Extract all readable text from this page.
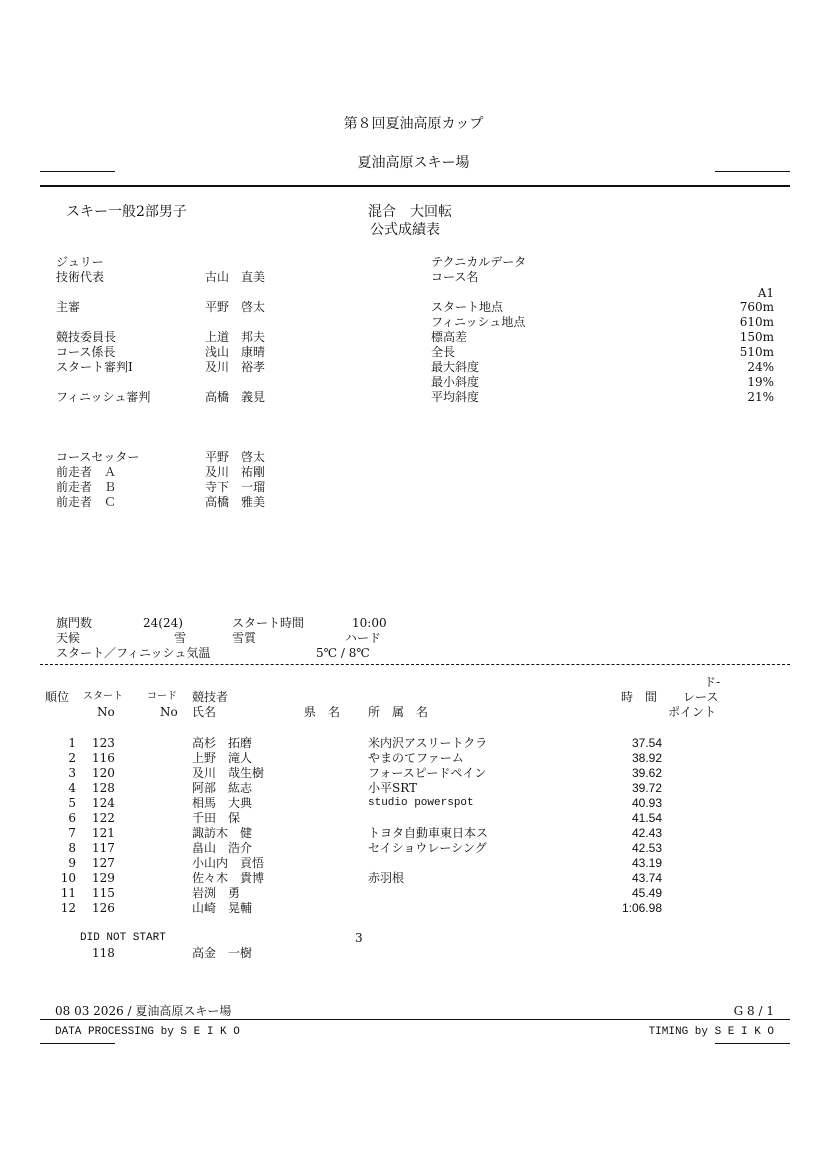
第８回夏油高原カップ
夏油高原スキー場
スキー一般2部男子	混合　大回転
公式成績表
ジュリー
技術代表	古山　直美
主審	平野　啓太
競技委員長	上道　邦夫
コース係長	浅山　康晴
スタート審判Ⅰ	及川　裕孝
フィニッシュ審判	高橋　義見
コースセッター	平野　啓太
前走者　Ａ	及川　祐剛
前走者　Ｂ	寺下　一瑠
前走者　Ｃ	高橋　雅美
テクニカルデータ
コース名
A1
スタート地点	760m
フィニッシュ地点	610m
標高差	150m
全長	510m
最大斜度	24%
最小斜度	19%
平均斜度	21%
旗門数	24(24)	スタート時間	10:00
天候	雪	雪質	ハード
スタート／フィニッシュ気温	5℃ / 8℃
ド-
順位 スタート コード 競技者	時　間 レース
No	No 氏名	県　名 所　属　名	ポイント
1 123	高杉　拓磨	米内沢アスリートクラ	37.54
2 116	上野　滝人	やまのてファーム	38.92
3 120	及川　哉生樹	フォースピードペイン	39.62
4 128	阿部　紘志	小平SRT	39.72
5 124	相馬　大典	studio powerspot	40.93
6 122	千田　保	41.54
7 121	諏訪木　健	トヨタ自動車東日本ス	42.43
8 117	畠山　浩介	セイショウレーシング	42.53
9 127	小山内　貢悟	43.19
10 129	佐々木　貴博	赤羽根	43.74
11 115	岩渕　勇	45.49
12 126	山崎　晃輔	1:06.98
DID NOT START	3
118	高金　一樹
08 03 2026 / 夏油高原スキー場	G 8 / 1
DATA PROCESSING by S E I K O	TIMING by S E I K O
